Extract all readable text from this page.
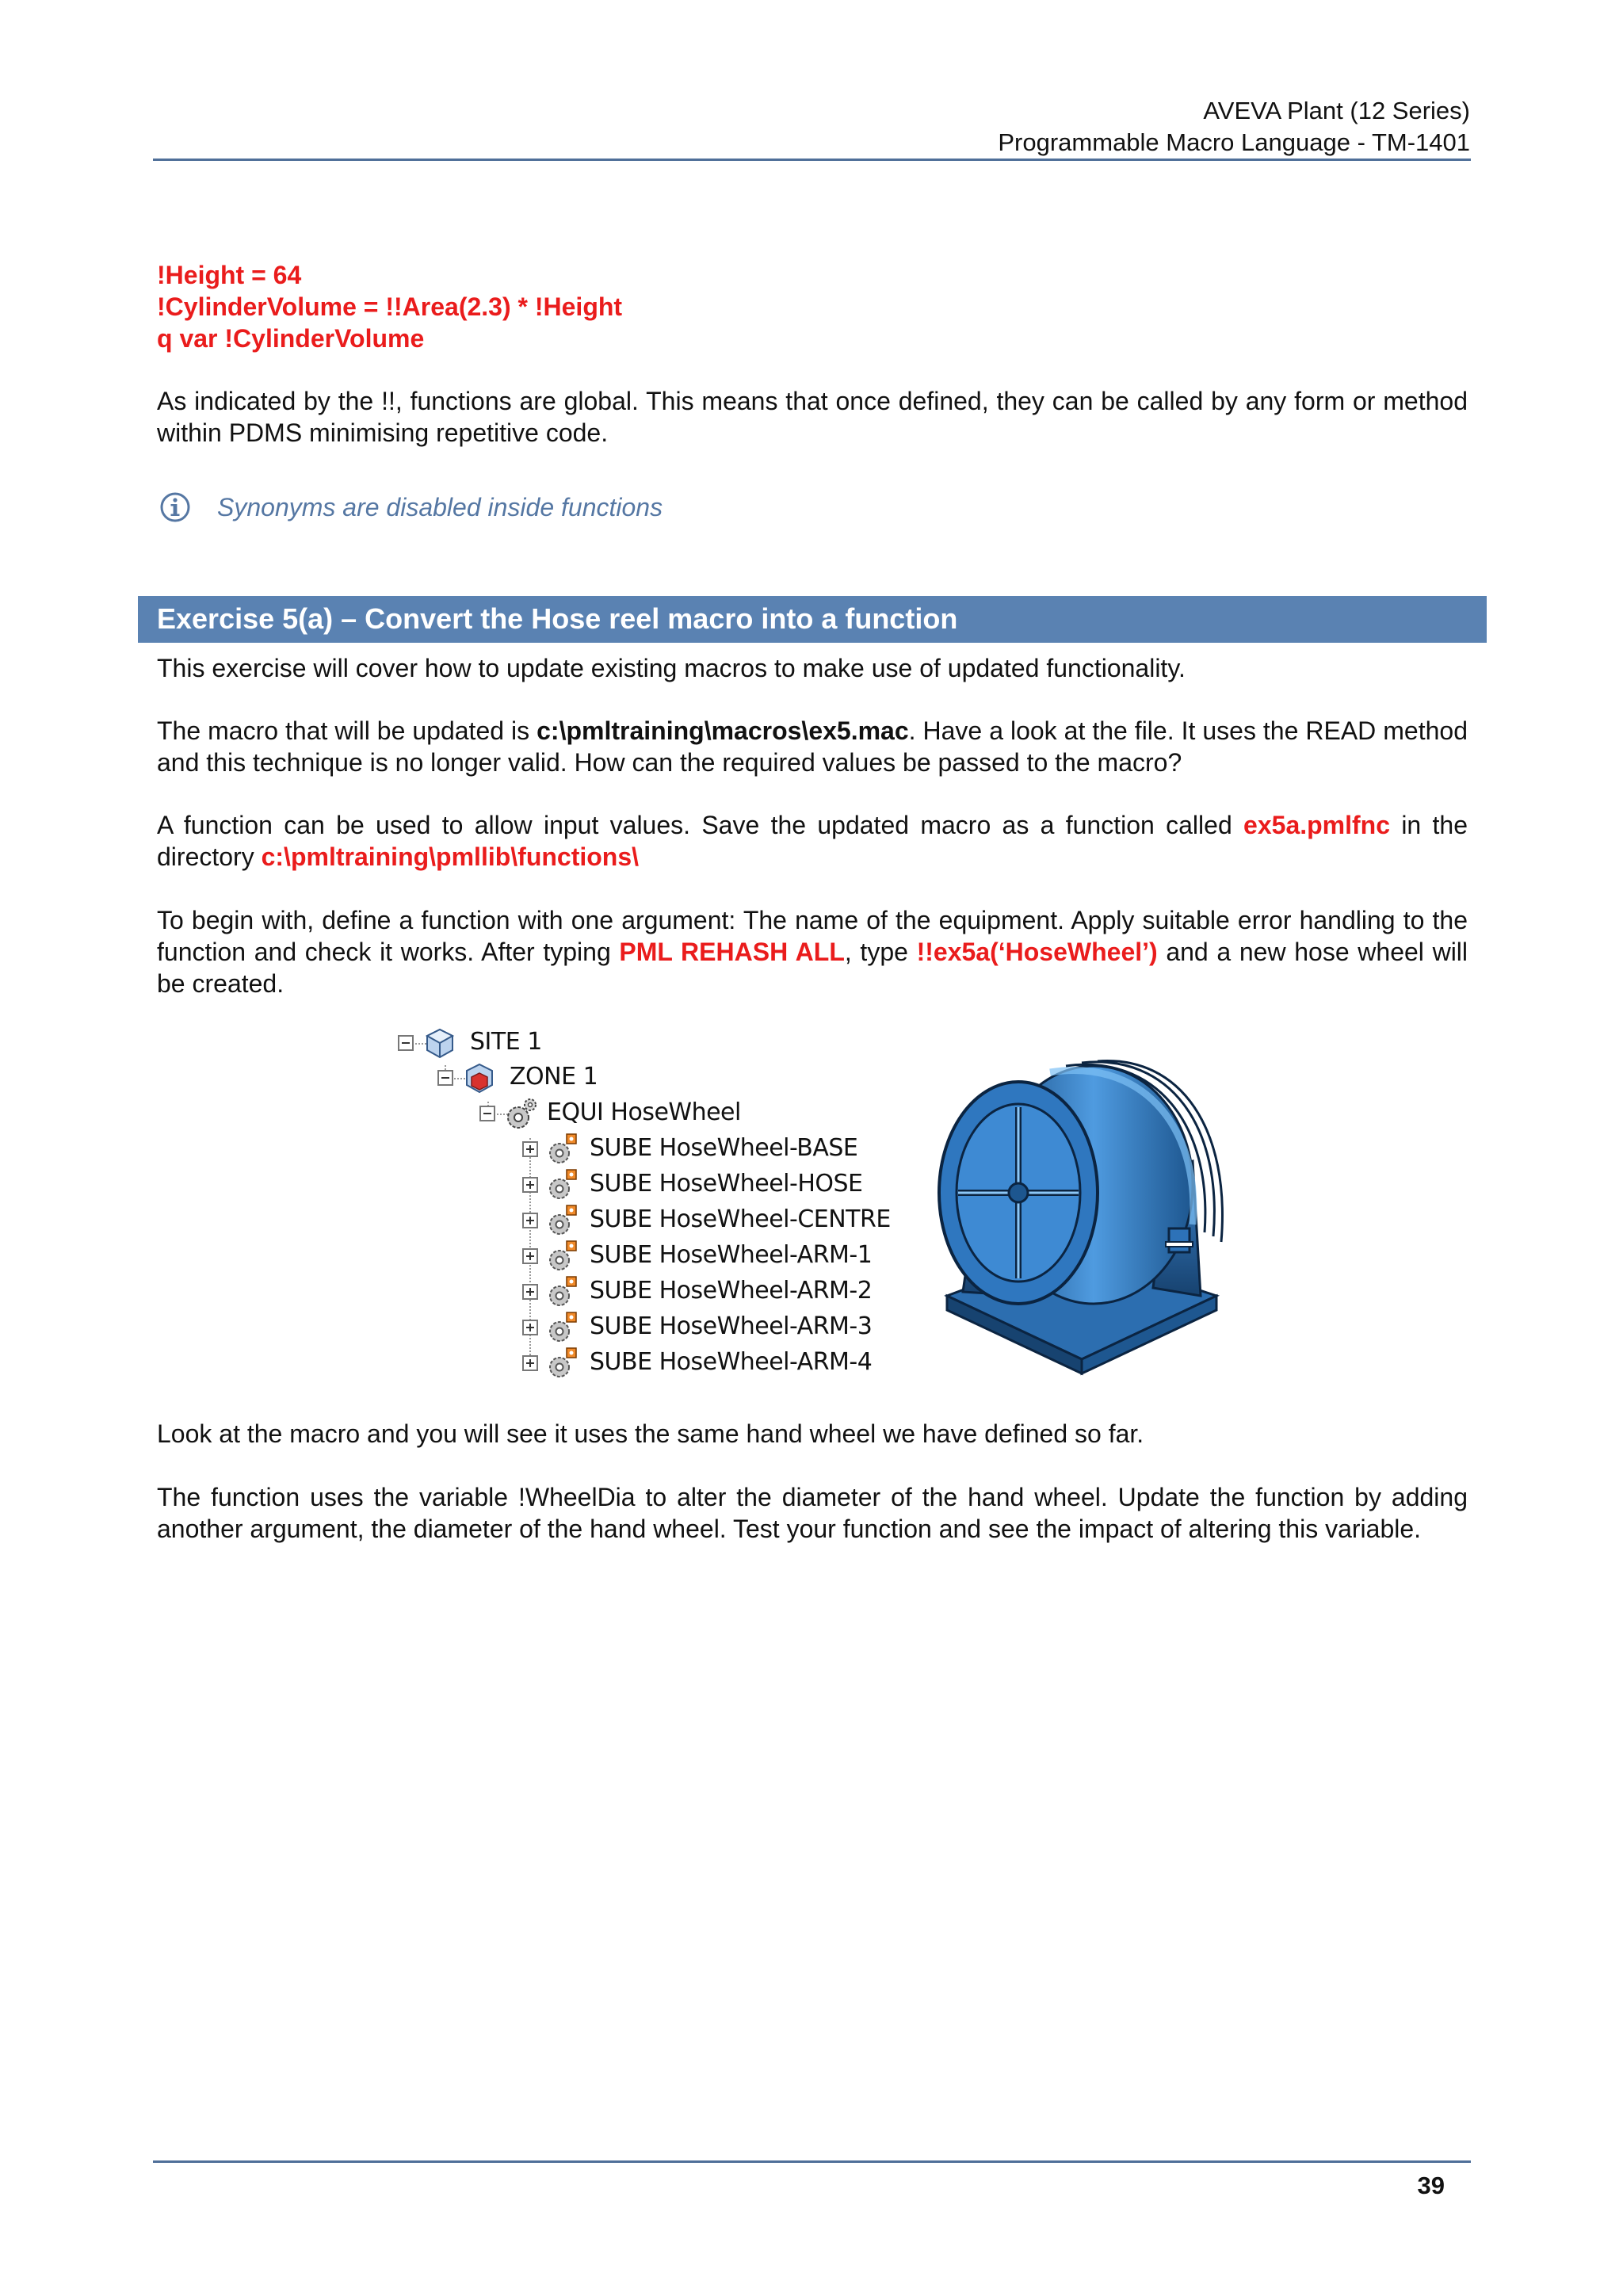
AVEVA Plant (12 Series)
Programmable Macro Language - TM-1401
!Height = 64
!CylinderVolume = !!Area(2.3) * !Height
q var !CylinderVolume
As indicated by the !!, functions are global. This means that once defined, they can be called by any form or method within PDMS minimising repetitive code.
Synonyms are disabled inside functions
Exercise 5(a) – Convert the Hose reel macro into a function
This exercise will cover how to update existing macros to make use of updated functionality.
The macro that will be updated is c:\pmltraining\macros\ex5.mac. Have a look at the file. It uses the READ method and this technique is no longer valid. How can the required values be passed to the macro?
A function can be used to allow input values. Save the updated macro as a function called ex5a.pmlfnc in the directory c:\pmltraining\pmllib\functions\
To begin with, define a function with one argument: The name of the equipment. Apply suitable error handling to the function and check it works. After typing PML REHASH ALL, type !!ex5a(‘HoseWheel’) and a new hose wheel will be created.
SITE 1
ZONE 1
EQUI HoseWheel
SUBE HoseWheel-BASE
SUBE HoseWheel-HOSE
SUBE HoseWheel-CENTRE
SUBE HoseWheel-ARM-1
SUBE HoseWheel-ARM-2
SUBE HoseWheel-ARM-3
SUBE HoseWheel-ARM-4
Look at the macro and you will see it uses the same hand wheel we have defined so far.
The function uses the variable !WheelDia to alter the diameter of the hand wheel. Update the function by adding another argument, the diameter of the hand wheel. Test your function and see the impact of altering this variable.
39
